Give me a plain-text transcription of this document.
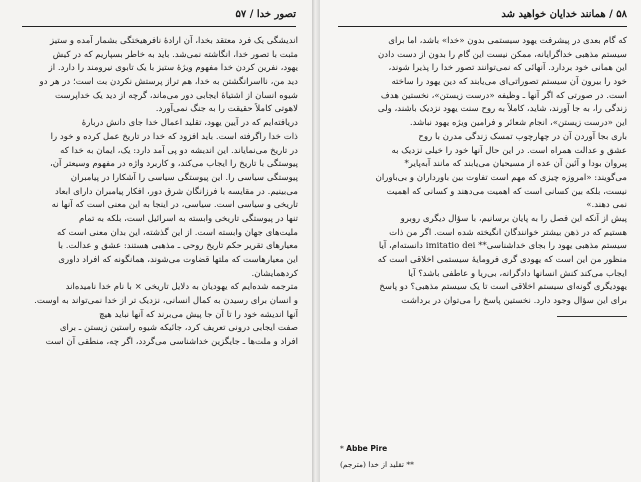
تصور خدا / ۵۷
اندیشگی یک فرد معتقد بخدا، آن ارادهٔ نافرهیختگی بشمار آمده و ستیز
مثبت با تصور خدا، انگاشته نمی‌شد. باید به خاطر بسپاریم که در کیش
یهود، نفرین کردن خدا مفهوم ویژهٔ ستیز با یک تابوی نیرومند را دارد. از
دید من، نااسرانگشتن به خدا، هم تراز پرستش نکردن بت است؛ در هر دو
شیوه انسان از اشتیاهٔ ایجابی دور می‌ماند، گرچه از دید یک خداپرست
لاهوتی کاملاً حقیقت را به جنگ نمی‌آورد.
دریافته‌ایم که در آیین یهود، تقلید اعمال خدا جای دانش دربارهٔ
ذات خدا راگرفته است. باید افزود که خدا در تاریخ عمل کرده و خود را
در تاریخ می‌نمایاند. این اندیشه دو پی آمد دارد: یک، ایمان به خدا که
پیوستگی با تاریخ را ایجاب می‌کند، و کاربرد واژه در مفهوم وسیعتر آن،
پیوستگی سیاسی را. این پیوستگی سیاسی را آشکارا در پیامبران
می‌بینیم. در مقایسه با فرزانگان شرق دور، افکار پیامبران دارای ابعاد
تاریخی و سیاسی است. سیاسی، در اینجا به این معنی است که آنها نه
تنها در پیوستگی تاریخی وابسته به اسرائیل است، بلکه به تمام
ملیت‌های جهان وابسته است. از این گذشته، این بدان معنی است که
معیارهای تقریر حکم تاریخ روحی ـ مذهبی هستند: عشق و عدالت. با
این معیارهاست که ملتها قضاوت می‌شوند، همانگونه که افراد داوری
کردهمایشان.
مترجمه شده‌ایم که یهودیان به دلایل تاریخی × با نام خدا نامیده‌اند
و انسان برای رسیدن به کمال انسانی، نزدیک تر از خدا نمی‌تواند به اوست.
آنها اندیشه خود را تا آن جا پیش می‌برند که آنها نباید هیچ
صفت ایجابی درونی تعریف کرد، جائیکه شیوه راستین زیستن ـ برای
افراد و ملت‌ها ـ جایگزین خداشناسی می‌گردد، اگر چه، منطقی آن است
۵۸ / همانند خدایان خواهید شد
که گام بعدی در پیشرفت یهود سیستمی بدون «خدا» باشد، اما برای
سیستم مذهبی خداگرایانه، ممکن نیست این گام را بدون از دست دادن
این همانی خود بردارد. آنهائی که نمی‌توانند تصور خدا را پذیرا شوند،
خود را بیرون آن سیستم تصوراتی‌ای می‌یابند که دین یهود را ساخته
است. در صورتی که اگر آنها ـ وظیفه «درست زیستن»، نخستین هدف
زندگی را، به جا آورند، شاید، کاملاً به روح سنت یهود نزدیک باشند، ولی
این «درست زیستن»، انجام شعائر و فرامین ویژه یهود نباشد.
باری بجا آوردن آن در چهارچوب تمسک زندگی مدرن با روح
عشق و عدالت همراه است. در این حال آنها خود را خیلی نزدیک به
پیروان بودا و آئین آن عده از مسیحیان می‌یابند که مانند آبه‌پایر*
می‌گویند: «امروزه چیزی که مهم است تفاوت بین باورداران و بی‌باوران
نیست، بلکه بین کسانی است که اهمیت می‌دهند و کسانی که اهمیت
نمی دهند.»
پیش از آنکه این فصل را به پایان برسانیم، با سؤال دیگری روبرو
هستیم که در ذهن بیشتر خوانندگان انگیخته شده است. اگر من ذات
سیستم مذهبی یهود را بجای خداشناسی** imitatio dei دانسته‌ام، آیا
منظور من این است که یهودی گری فرومایهٔ سیستمی اخلاقی است که
ایجاب می‌کند کنش انسانها دادگرانه، بی‌ریا و عاطفی باشد؟ آیا
یهودیگری گونه‌ای سیستم اخلاقی است تا یک سیستم مذهبی؟ دو پاسخ
برای این سؤال وجود دارد. نخستین پاسخ را می‌توان در برداشت
* Abbe Pire
** تقلید از خدا (مترجم)
